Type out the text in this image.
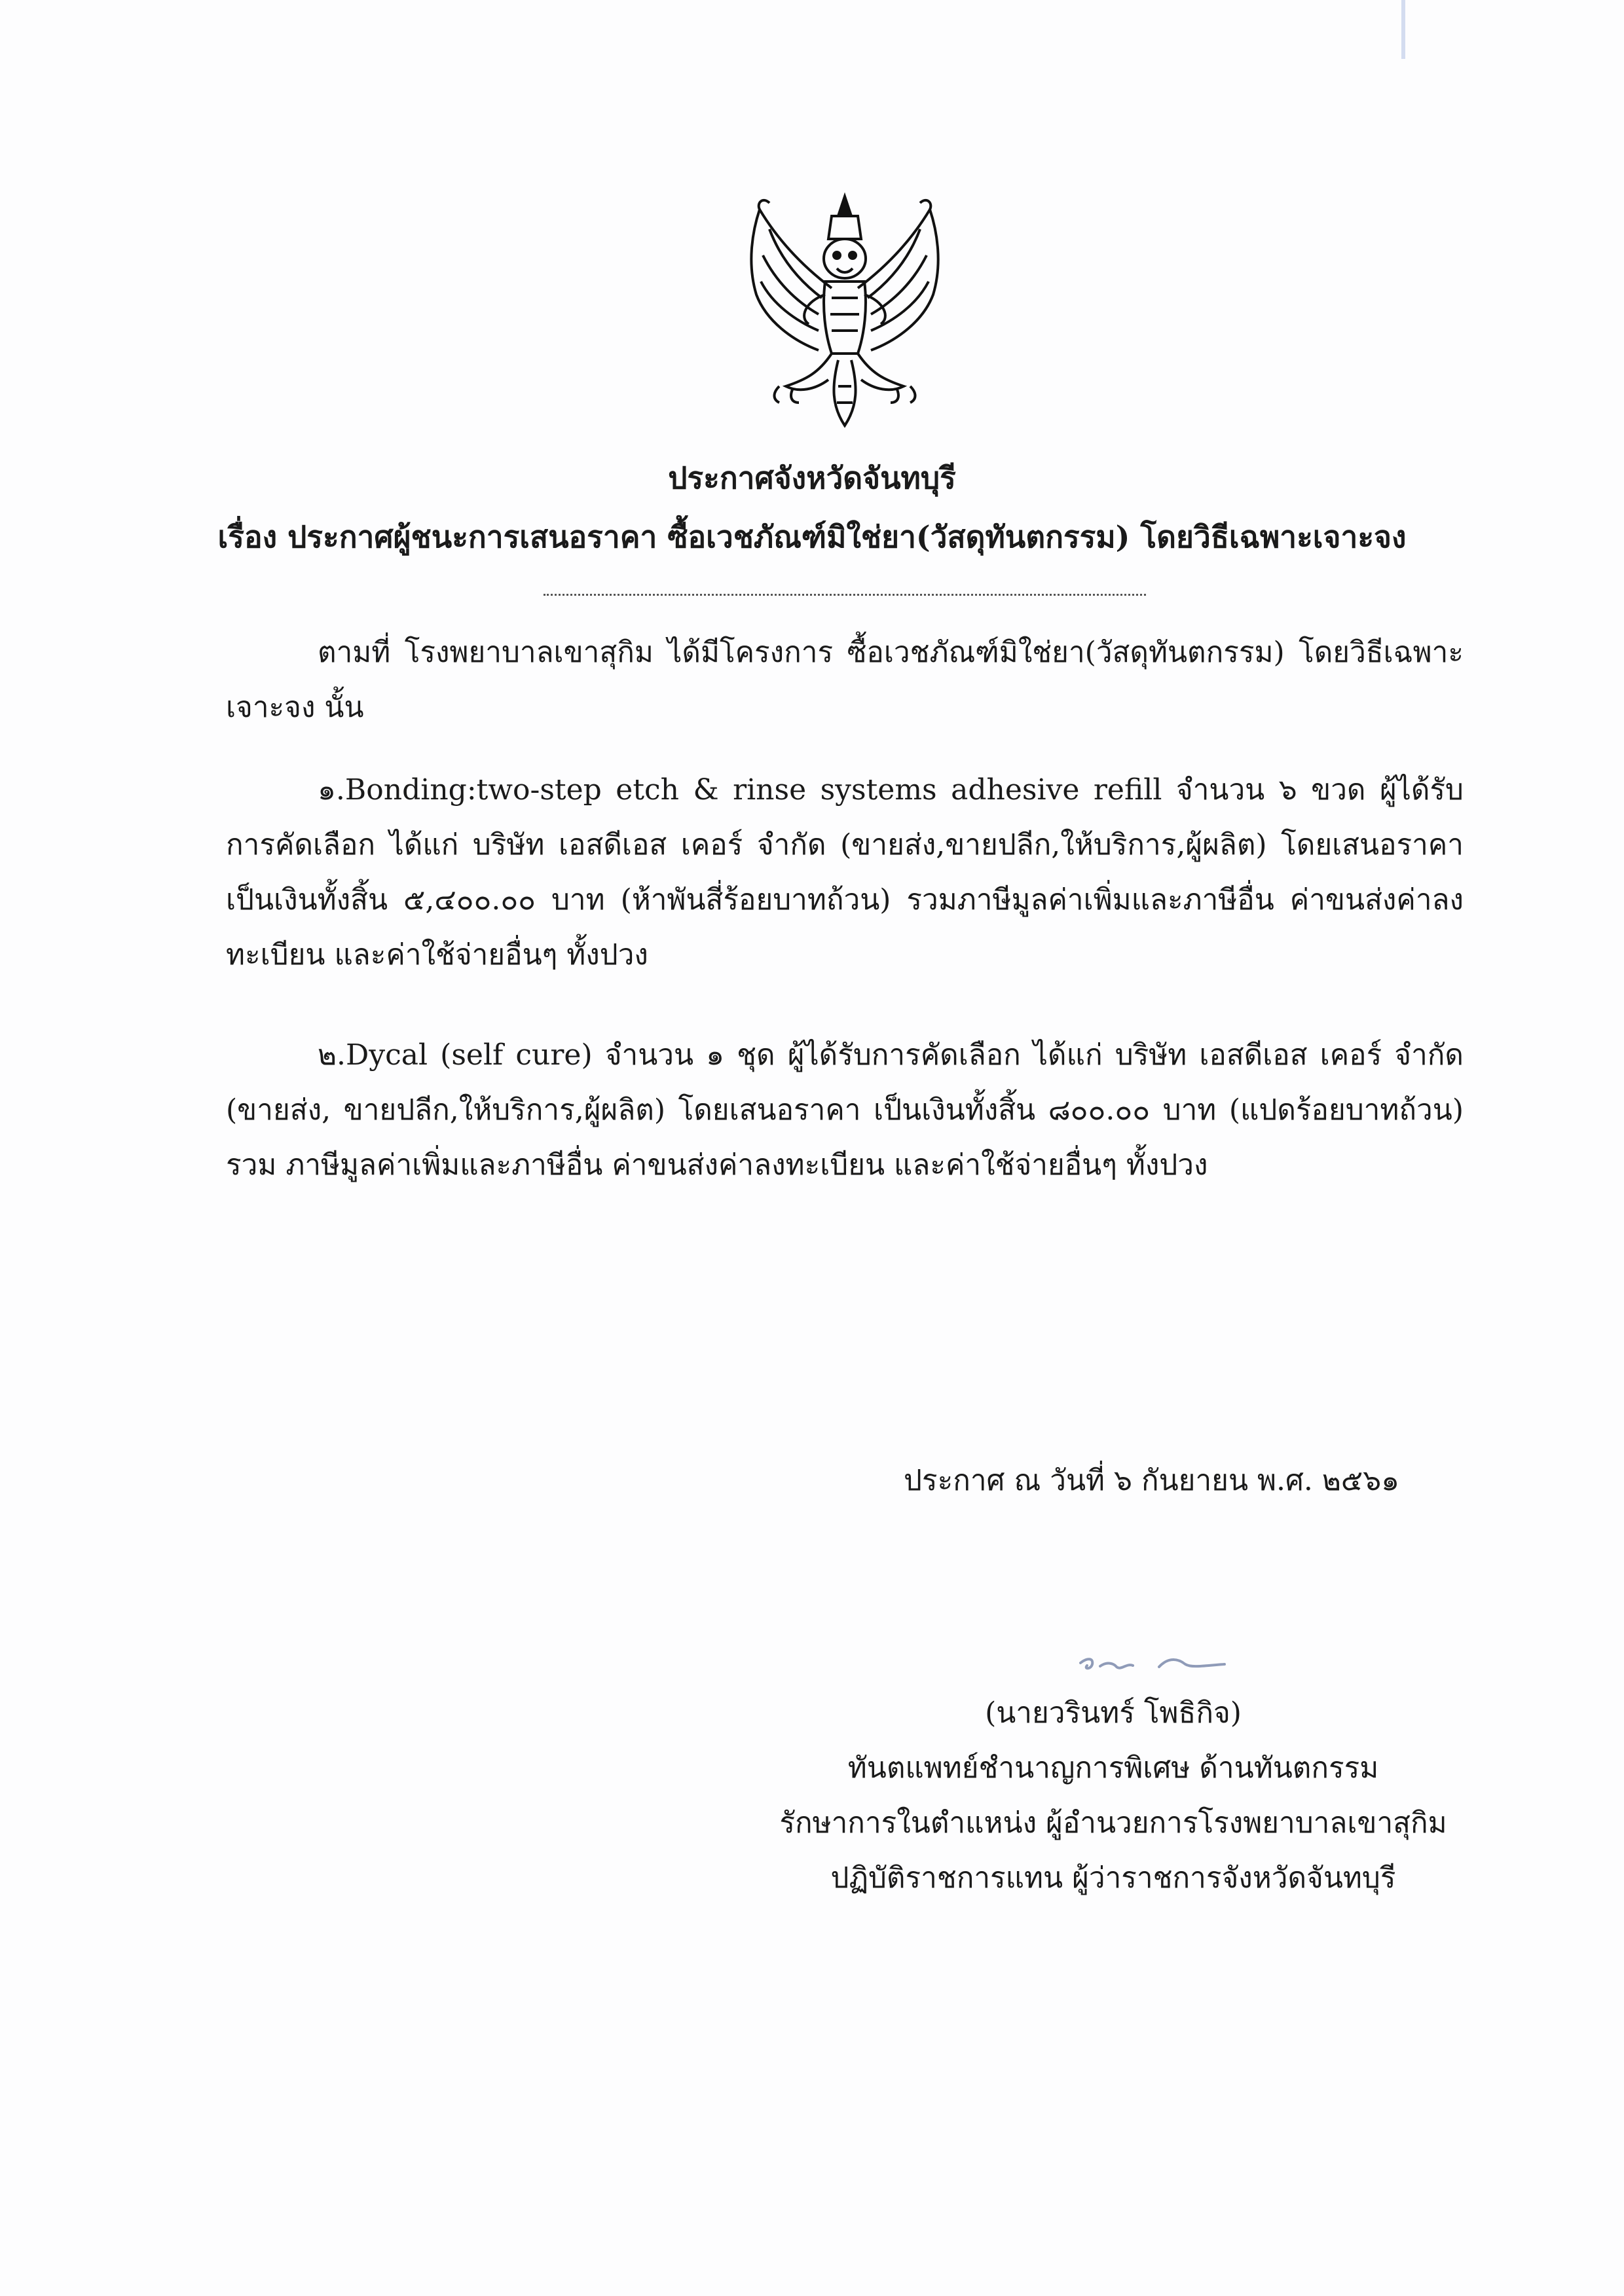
ประกาศจังหวัดจันทบุรี
เรื่อง ประกาศผู้ชนะการเสนอราคา ซื้อเวชภัณฑ์มิใช่ยา(วัสดุทันตกรรม) โดยวิธีเฉพาะเจาะจง
ตามที่ โรงพยาบาลเขาสุกิม ได้มีโครงการ ซื้อเวชภัณฑ์มิใช่ยา(วัสดุทันตกรรม) โดยวิธีเฉพาะเจาะจง นั้น
๑.Bonding:two-step etch & rinse systems adhesive refill จำนวน ๖ ขวด ผู้ได้รับการคัดเลือก ได้แก่ บริษัท เอสดีเอส เคอร์ จำกัด (ขายส่ง,ขายปลีก,ให้บริการ,ผู้ผลิต) โดยเสนอราคา เป็นเงินทั้งสิ้น ๕,๔๐๐.๐๐ บาท (ห้าพันสี่ร้อยบาทถ้วน) รวมภาษีมูลค่าเพิ่มและภาษีอื่น ค่าขนส่งค่าลงทะเบียน และค่าใช้จ่ายอื่นๆ ทั้งปวง
๒.Dycal (self cure) จำนวน ๑ ชุด ผู้ได้รับการคัดเลือก ได้แก่ บริษัท เอสดีเอส เคอร์ จำกัด (ขายส่ง, ขายปลีก,ให้บริการ,ผู้ผลิต) โดยเสนอราคา เป็นเงินทั้งสิ้น ๘๐๐.๐๐ บาท (แปดร้อยบาทถ้วน) รวม ภาษีมูลค่าเพิ่มและภาษีอื่น ค่าขนส่งค่าลงทะเบียน และค่าใช้จ่ายอื่นๆ ทั้งปวง
ประกาศ ณ วันที่ ๖ กันยายน พ.ศ. ๒๕๖๑
(นายวรินทร์ โพธิกิจ)
ทันตแพทย์ชำนาญการพิเศษ ด้านทันตกรรม
รักษาการในตำแหน่ง ผู้อำนวยการโรงพยาบาลเขาสุกิม
ปฏิบัติราชการแทน ผู้ว่าราชการจังหวัดจันทบุรี
